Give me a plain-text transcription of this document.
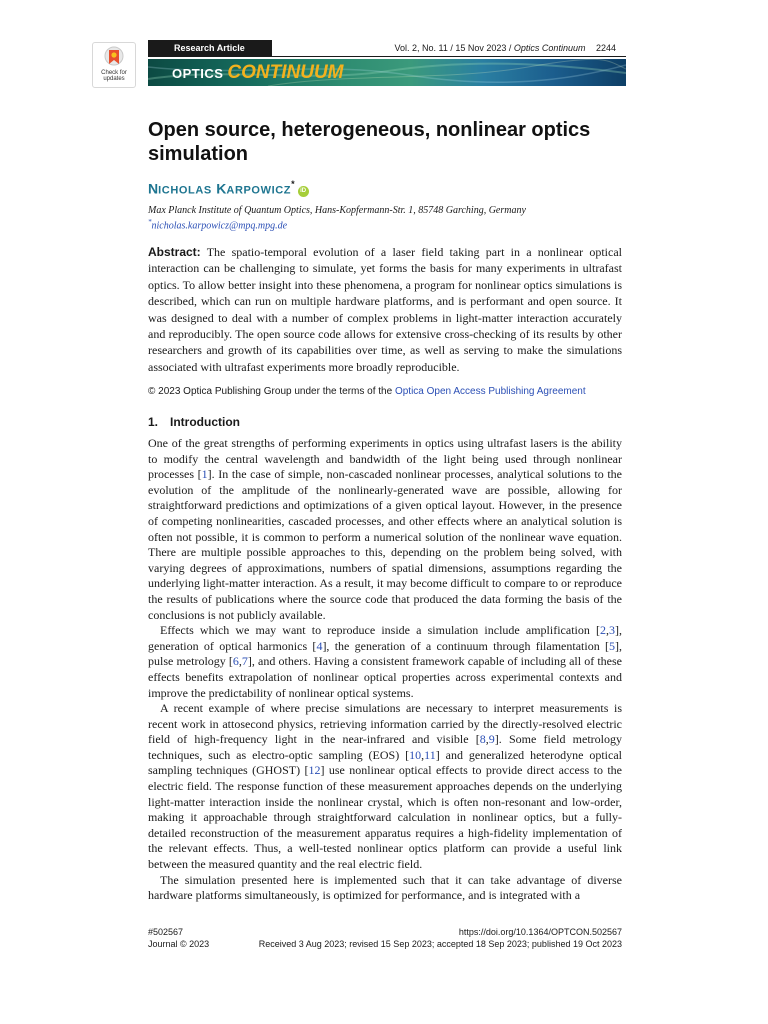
Check for
updates
Research Article	Vol. 2, No. 11 / 15 Nov 2023 / Optics Continuum 2244
OPTICS CONTINUUM
Open source, heterogeneous, nonlinear optics simulation
NICHOLAS KARPOWICZ*iD
Max Planck Institute of Quantum Optics, Hans-Kopfermann-Str. 1, 85748 Garching, Germany
*nicholas.karpowicz@mpq.mpg.de

Abstract: The spatio-temporal evolution of a laser field taking part in a nonlinear optical interaction can be challenging to simulate, yet forms the basis for many experiments in ultrafast optics. To allow better insight into these phenomena, a program for nonlinear optics simulations is described, which can run on multiple hardware platforms, and is performant and open source. It was designed to deal with a number of complex problems in light-matter interaction accurately and reproducibly. The open source code allows for extensive cross-checking of its results by other researchers and growth of its capabilities over time, as well as serving to make the simulations associated with ultrafast experiments more broadly reproducible.

© 2023 Optica Publishing Group under the terms of the Optica Open Access Publishing Agreement
1. Introduction

One of the great strengths of performing experiments in optics using ultrafast lasers is the ability to modify the central wavelength and bandwidth of the light being used through nonlinear processes [1]. In the case of simple, non-cascaded nonlinear processes, analytical solutions to the evolution of the amplitude of the nonlinearly-generated wave are possible, allowing for straightforward predictions and optimizations of a given optical layout. However, in the presence of competing nonlinearities, cascaded processes, and other effects where an analytical solution is often not possible, it is common to perform a numerical solution of the nonlinear wave equation. There are multiple possible approaches to this, depending on the problem being solved, with varying degrees of approximations, numbers of spatial dimensions, assumptions regarding the underlying light-matter interaction. As a result, it may become difficult to compare to or reproduce the results of publications where the source code that produced the data forming the basis of the conclusions is not publicly available.

Effects which we may want to reproduce inside a simulation include amplification [2,3], generation of optical harmonics [4], the generation of a continuum through filamentation [5], pulse metrology [6,7], and others. Having a consistent framework capable of including all of these effects benefits extrapolation of nonlinear optical properties across experimental contexts and improve the predictability of nonlinear optical systems.

A recent example of where precise simulations are necessary to interpret measurements is recent work in attosecond physics, retrieving information carried by the directly-resolved electric field of high-frequency light in the near-infrared and visible [8,9]. Some field metrology techniques, such as electro-optic sampling (EOS) [10,11] and generalized heterodyne optical sampling techniques (GHOST) [12] use nonlinear optical effects to provide direct access to the electric field. The response function of these measurement approaches depends on the underlying light-matter interaction inside the nonlinear crystal, which is often non-resonant and low-order, making it approachable through straightforward calculation in nonlinear optics, but a fully-detailed reconstruction of the measurement apparatus requires a high-fidelity implementation of the relevant effects. Thus, a well-tested nonlinear optics platform can provide a useful link between the measured quantity and the real electric field.

The simulation presented here is implemented such that it can take advantage of diverse hardware platforms simultaneously, is optimized for performance, and is integrated with a

#502567
Journal © 2023
https://doi.org/10.1364/OPTCON.502567
Received 3 Aug 2023; revised 15 Sep 2023; accepted 18 Sep 2023; published 19 Oct 2023
